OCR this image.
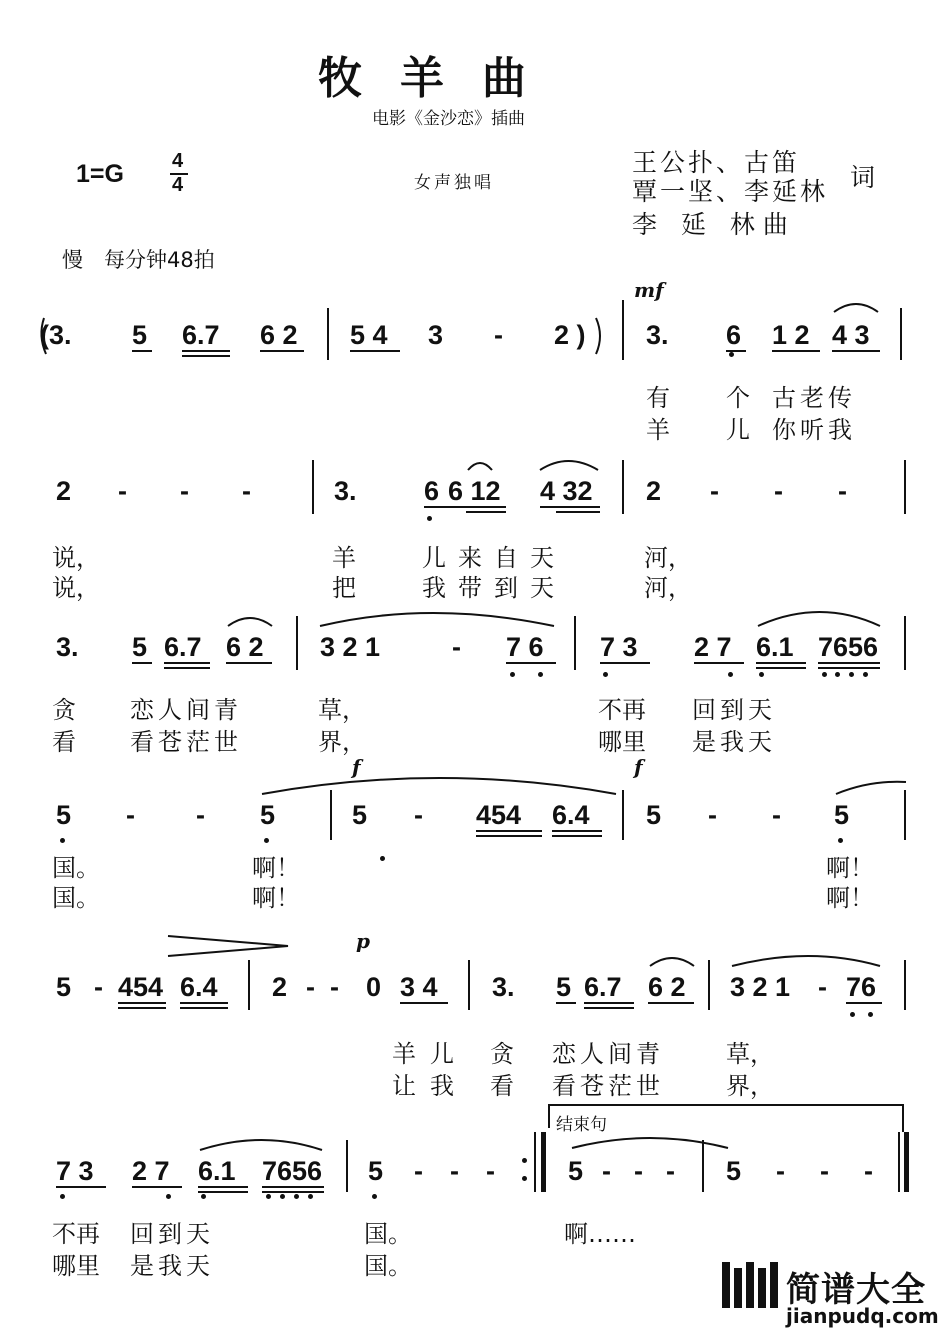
牧羊曲
电影《金沙恋》插曲
1=G 4
4	女声独唱
王公扑、古笛
覃一坚、李延林 词
李 延 林曲
慢　每分钟48拍
mf
f	f
p
(3. 5 6.7 6 2 5 4 3 - 2 ) 3. 6 1 2 4 3
有 个 古老传
羊 儿 你听我
2 - - -	3. 6 6 12 4 32 2 - - -
说，	羊	儿来自天	河，
说，	把	我带到天	河，
3. 5 6.7 6 2 3 2 1	- 7 6 7 3 2 7 6.1 7656
贪 恋人间青	草，	不再 回到天
看 看苍茫世	界，	哪里 是我天
5 - - 5	5 - 454 6.4 5 - - 5
国。	啊！	啊！
国。	啊！	啊！
5 - 454 6.4 2 - - 0 3 4 3. 5 6.7 6 2 3 2 1 - 76
羊儿 贪 恋人间青	草，
让我 看 看苍茫世	界，
7 3 2 7 6.1 7656 5 - - -
结束句
5 - - - 5 - - -
不再 回到天	国。	啊……
哪里 是我天	国。
简谱大全
jianpudq.com
